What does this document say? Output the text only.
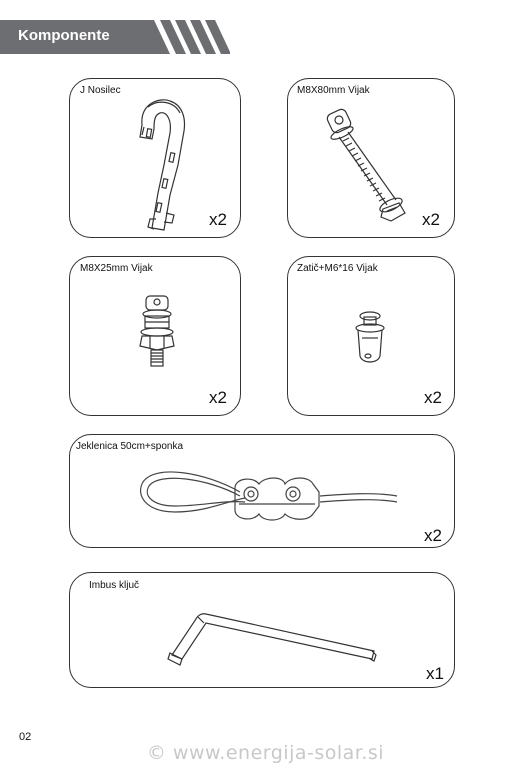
Komponente
J Nosilec
x2
M8X80mm Vijak
x2
M8X25mm Vijak
x2
Zatič+M6*16 Vijak
x2
Jeklenica 50cm+sponka
x2
Imbus ključ
x1
02
© www.energija-solar.si
